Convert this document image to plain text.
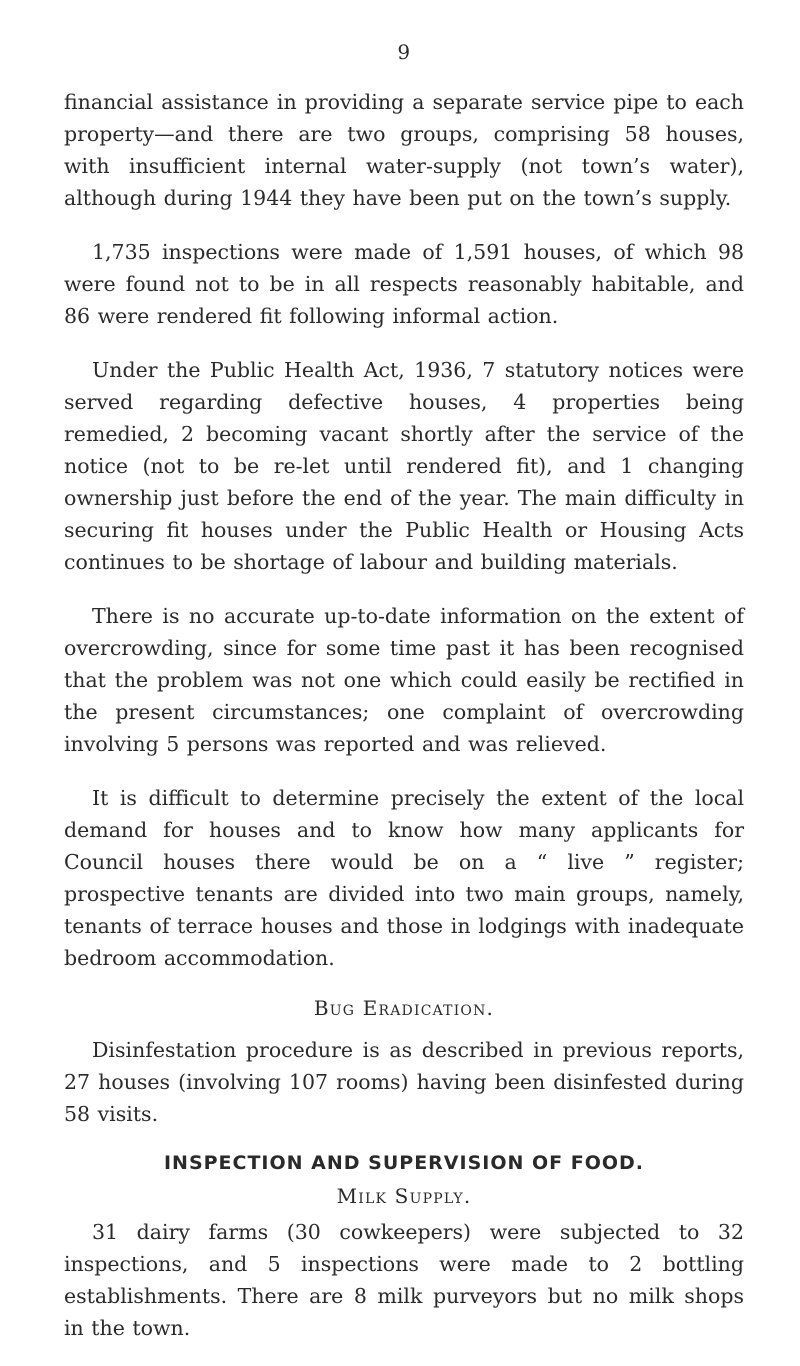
9

financial assistance in providing a separate service pipe to each property—and there are two groups, comprising 58 houses, with insufficient internal water-supply (not town’s water), although during 1944 they have been put on the town’s supply.

1,735 inspections were made of 1,591 houses, of which 98 were found not to be in all respects reasonably habitable, and 86 were rendered fit following informal action.

Under the Public Health Act, 1936, 7 statutory notices were served regarding defective houses, 4 properties being remedied, 2 becoming vacant shortly after the service of the notice (not to be re-let until rendered fit), and 1 changing ownership just before the end of the year. The main difficulty in securing fit houses under the Public Health or Housing Acts continues to be shortage of labour and building materials.

There is no accurate up-to-date information on the extent of overcrowding, since for some time past it has been recognised that the problem was not one which could easily be rectified in the present circumstances; one complaint of overcrowding involving 5 persons was reported and was relieved.

It is difficult to determine precisely the extent of the local demand for houses and to know how many applicants for Council houses there would be on a “ live ” register; prospective tenants are divided into two main groups, namely, tenants of terrace houses and those in lodgings with inadequate bedroom accommodation.

Bug Eradication.

Disinfestation procedure is as described in previous reports, 27 houses (involving 107 rooms) having been disinfested during 58 visits.

INSPECTION AND SUPERVISION OF FOOD.
Milk Supply.

31 dairy farms (30 cowkeepers) were subjected to 32 inspections, and 5 inspections were made to 2 bottling establishments. There are 8 milk purveyors but no milk shops in the town.
